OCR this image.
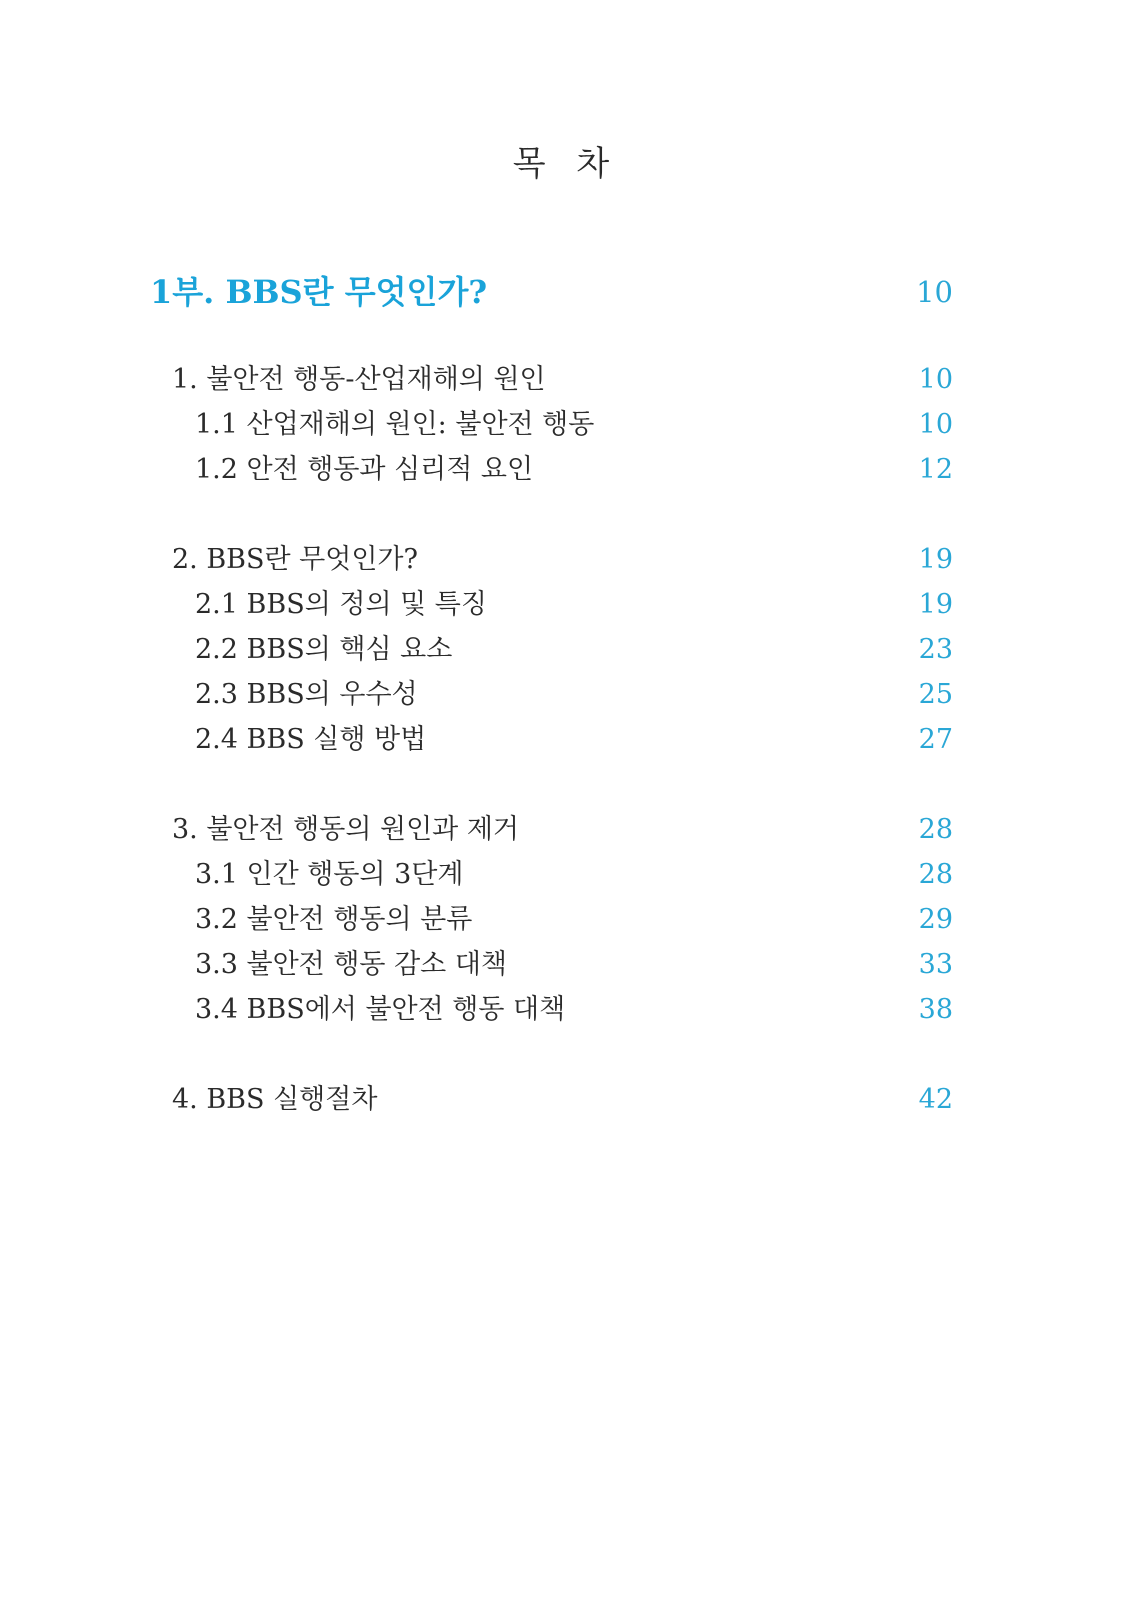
목 차
1부. BBS란 무엇인가?	10
1. 불안전 행동-산업재해의 원인	10
1.1 산업재해의 원인: 불안전 행동	10
1.2 안전 행동과 심리적 요인	12
2. BBS란 무엇인가?	19
2.1 BBS의 정의 및 특징	19
2.2 BBS의 핵심 요소	23
2.3 BBS의 우수성	25
2.4 BBS 실행 방법	27
3. 불안전 행동의 원인과 제거	28
3.1 인간 행동의 3단계	28
3.2 불안전 행동의 분류	29
3.3 불안전 행동 감소 대책	33
3.4 BBS에서 불안전 행동 대책	38
4. BBS 실행절차	42
